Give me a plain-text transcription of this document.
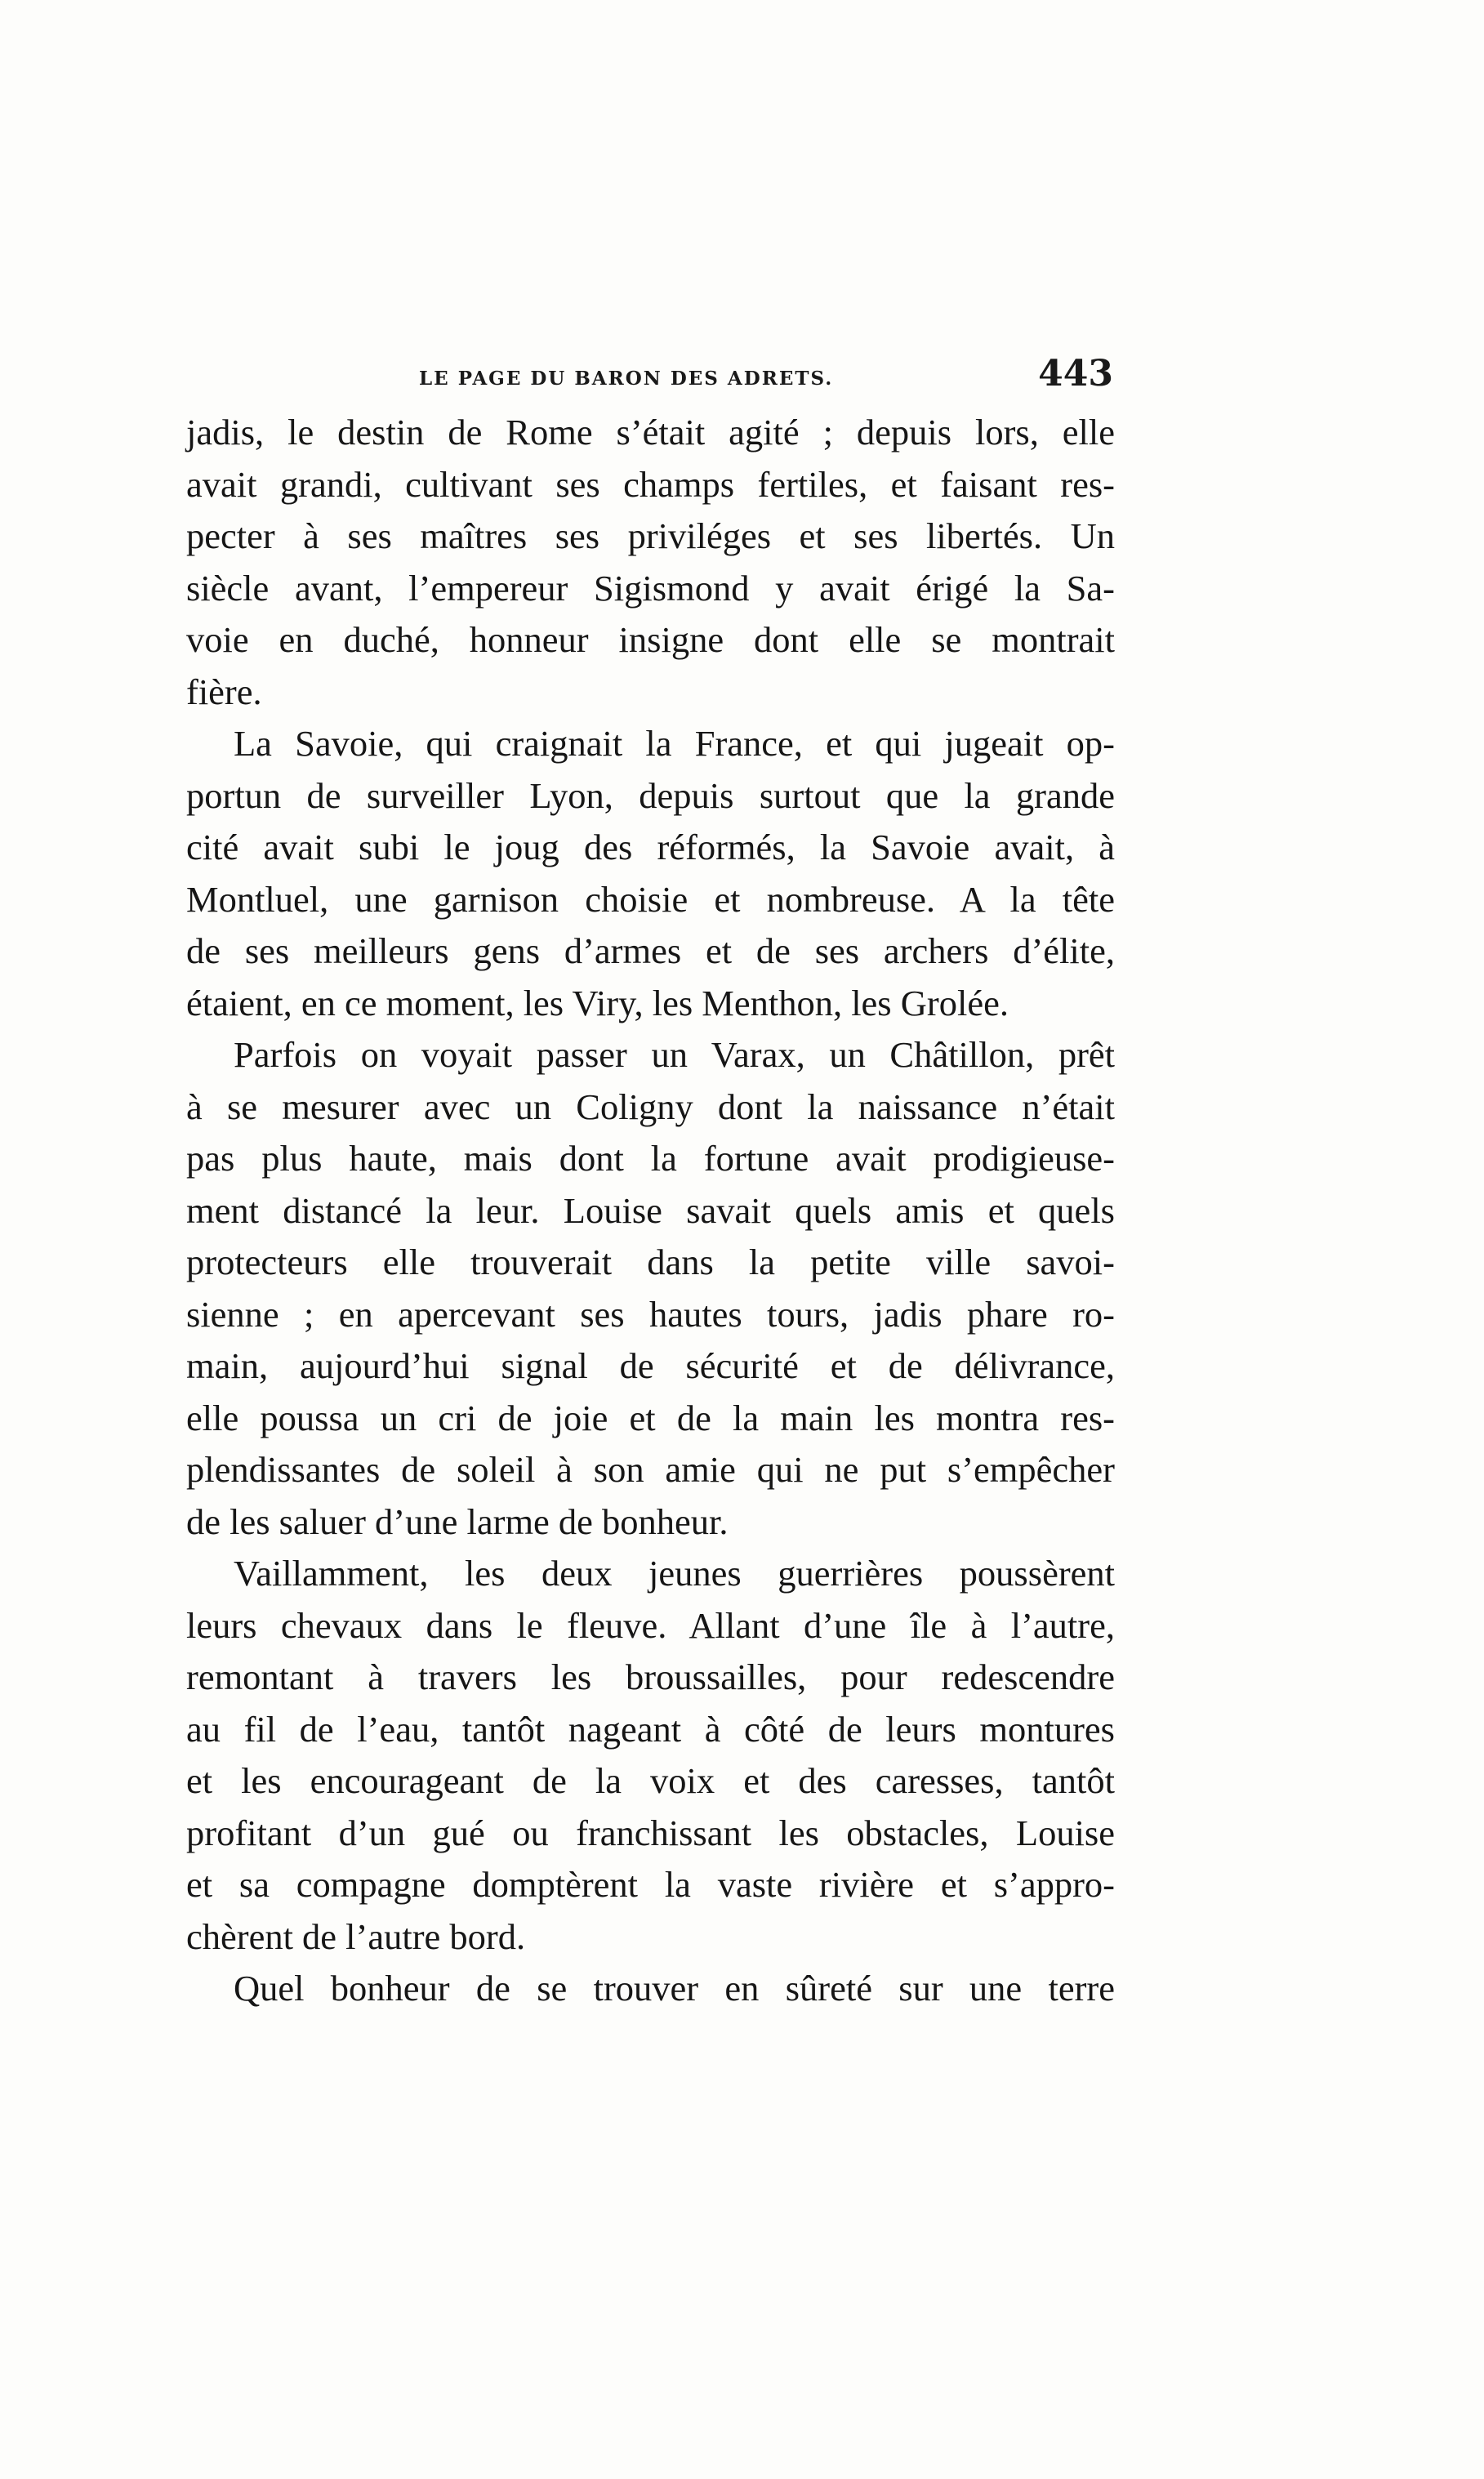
LE PAGE DU BARON DES ADRETS.	443
jadis, le destin de Rome s’était agité ; depuis lors, elle
avait grandi, cultivant ses champs fertiles, et faisant res-
pecter à ses maîtres ses priviléges et ses libertés. Un
siècle avant, l’empereur Sigismond y avait érigé la Sa-
voie en duché, honneur insigne dont elle se montrait
fière.
La Savoie, qui craignait la France, et qui jugeait op-
portun de surveiller Lyon, depuis surtout que la grande
cité avait subi le joug des réformés, la Savoie avait, à
Montluel, une garnison choisie et nombreuse. A la tête
de ses meilleurs gens d’armes et de ses archers d’élite,
étaient, en ce moment, les Viry, les Menthon, les Grolée.
Parfois on voyait passer un Varax, un Châtillon, prêt
à se mesurer avec un Coligny dont la naissance n’était
pas plus haute, mais dont la fortune avait prodigieuse-
ment distancé la leur. Louise savait quels amis et quels
protecteurs elle trouverait dans la petite ville savoi-
sienne ; en apercevant ses hautes tours, jadis phare ro-
main, aujourd’hui signal de sécurité et de délivrance,
elle poussa un cri de joie et de la main les montra res-
plendissantes de soleil à son amie qui ne put s’empêcher
de les saluer d’une larme de bonheur.
Vaillamment, les deux jeunes guerrières poussèrent
leurs chevaux dans le fleuve. Allant d’une île à l’autre,
remontant à travers les broussailles, pour redescendre
au fil de l’eau, tantôt nageant à côté de leurs montures
et les encourageant de la voix et des caresses, tantôt
profitant d’un gué ou franchissant les obstacles, Louise
et sa compagne domptèrent la vaste rivière et s’appro-
chèrent de l’autre bord.
Quel bonheur de se trouver en sûreté sur une terre
